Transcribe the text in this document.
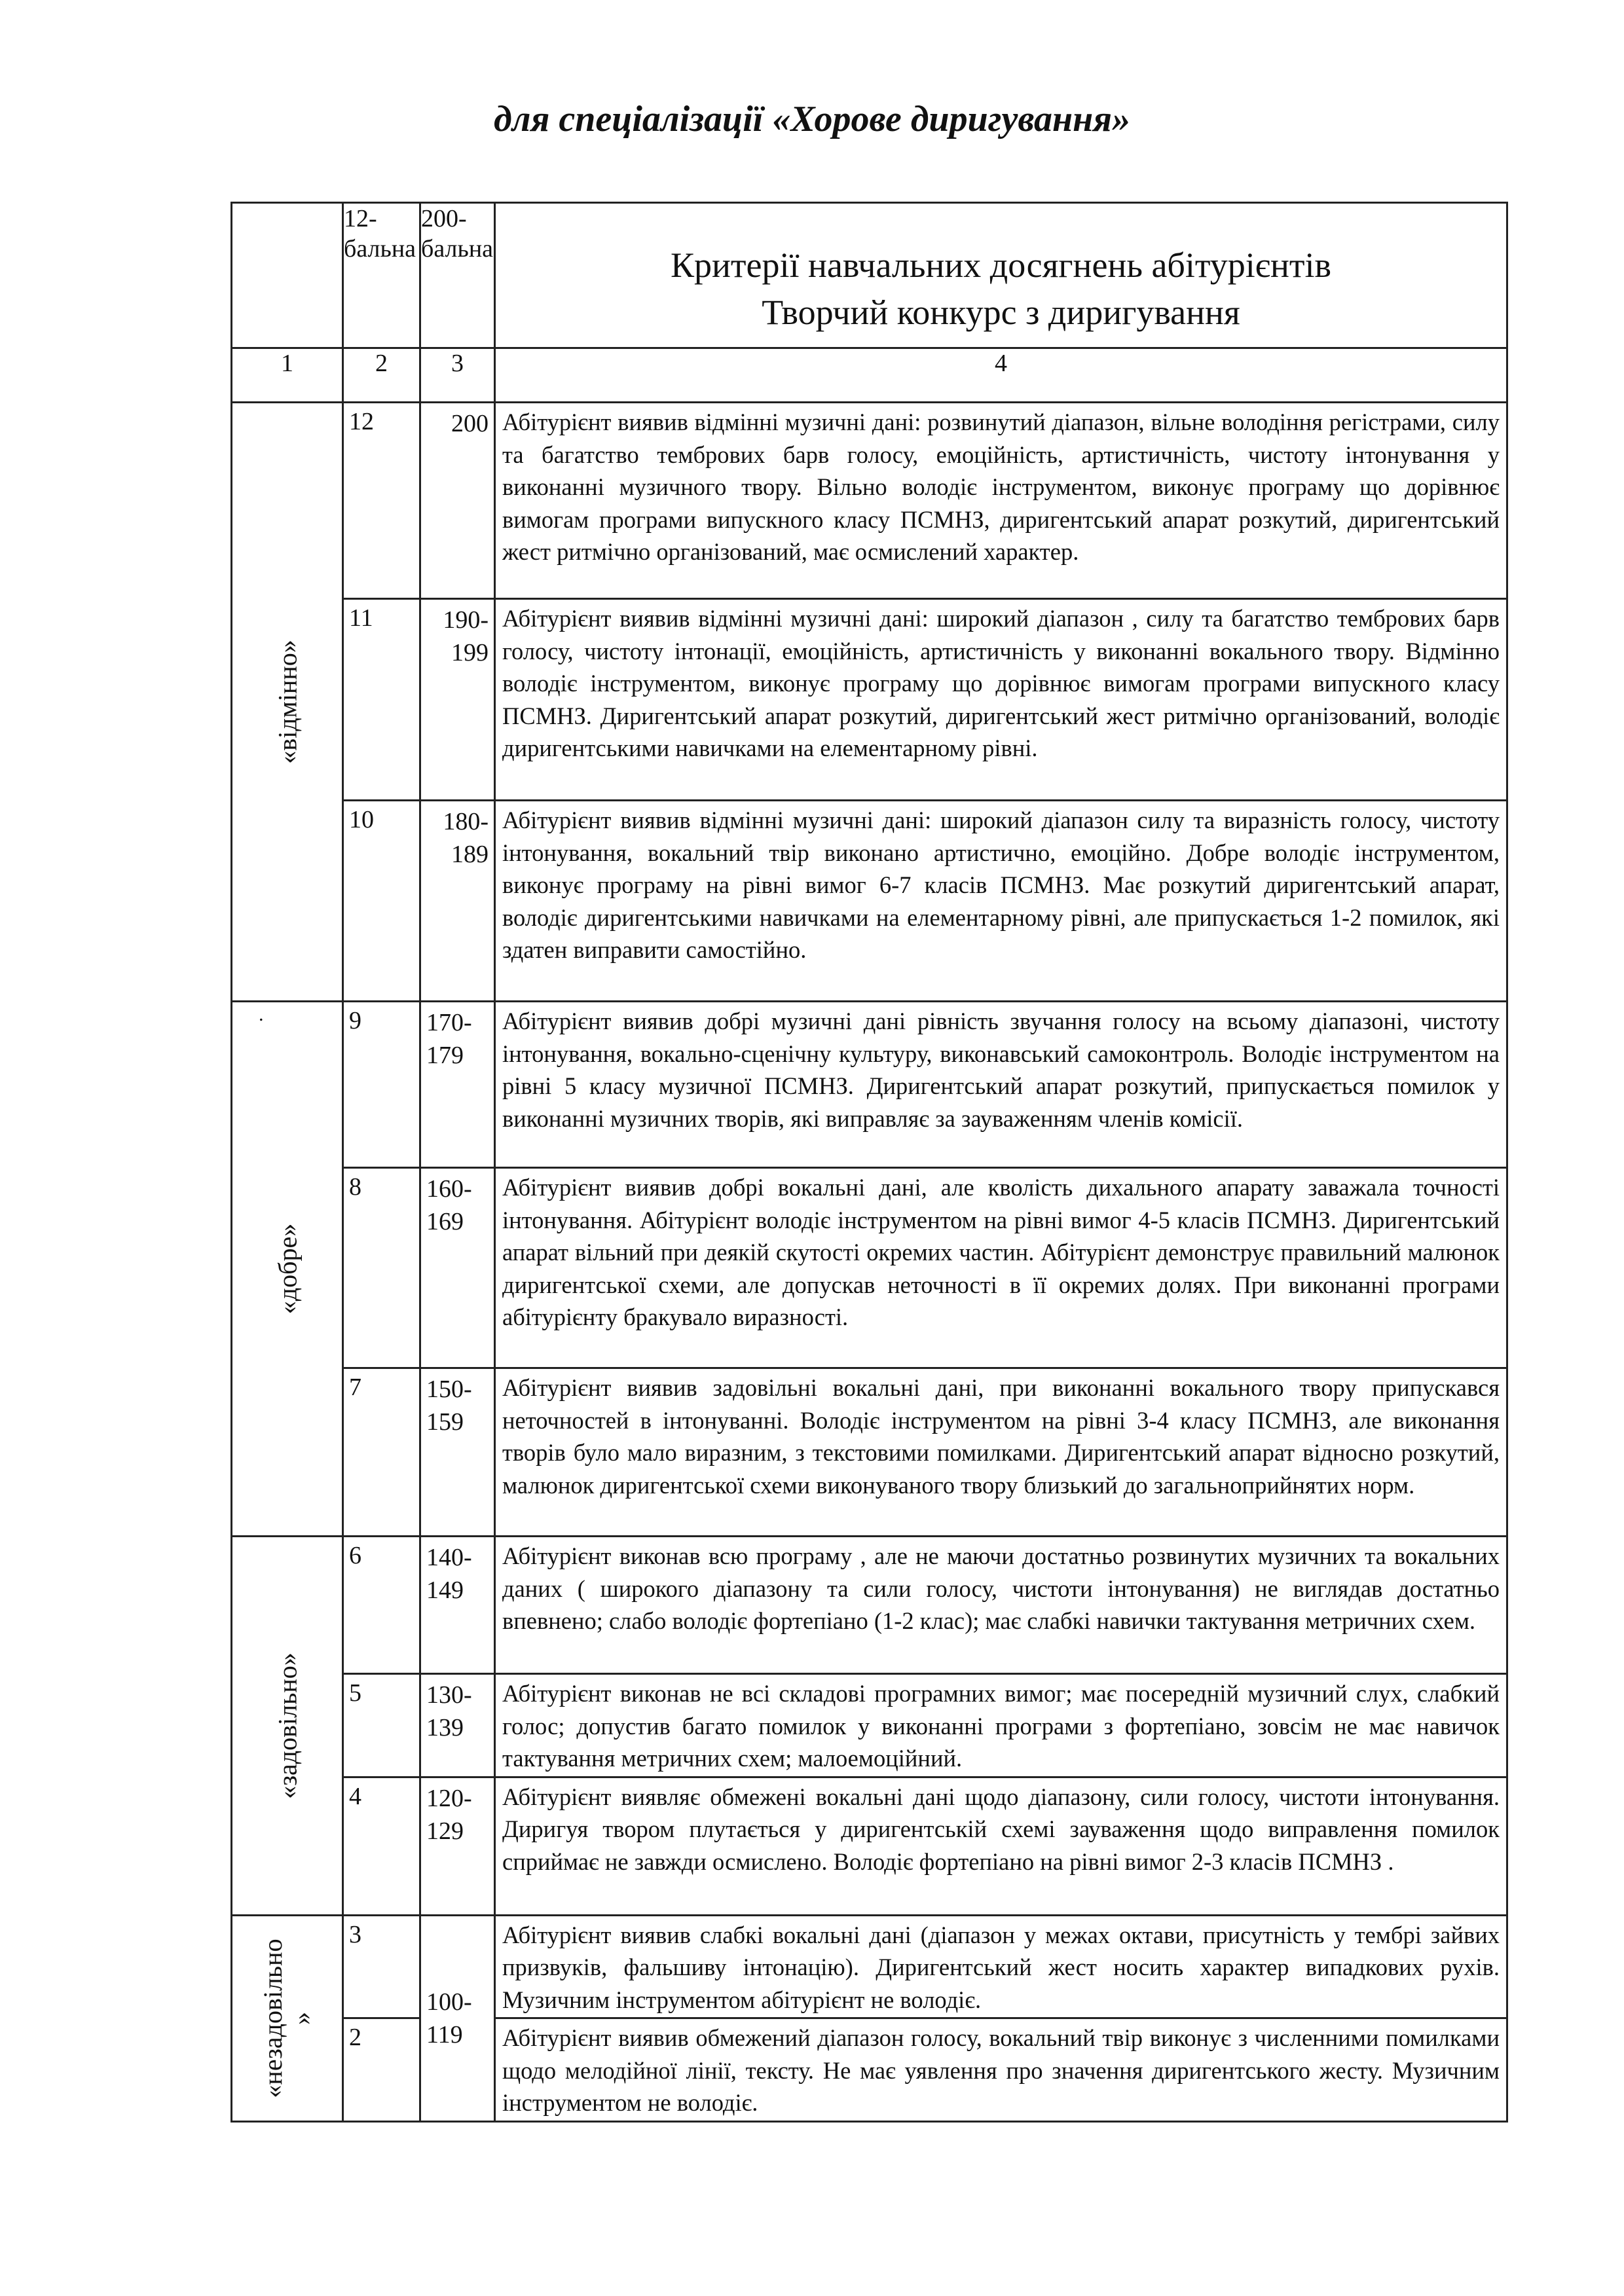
для спеціалізації «Хорове диригування»
	12-бальна	200-бальна	Критерії навчальних досягнень абітурієнтів
Творчий конкурс з диригування

1	2	3	4

«відмінно»	12	200	Абітурієнт виявив відмінні музичні дані: розвинутий діапазон, вільне володіння регістрами, силу та багатство тембрових барв голосу, емоційність, артистичність, чистоту інтонування у виконанні музичного твору. Вільно володіє інструментом, виконує програму що дорівнює вимогам програми випускного класу ПСМНЗ, диригентський апарат розкутий, диригентський жест ритмічно організований, має осмислений характер.
	11	190-199	Абітурієнт виявив відмінні музичні дані: широкий діапазон , силу та багатство тембрових барв голосу, чистоту інтонації, емоційність, артистичність у виконанні вокального твору. Відмінно володіє інструментом, виконує програму що дорівнює вимогам програми випускного класу ПСМНЗ. Диригентський апарат розкутий, диригентський жест ритмічно організований, володіє диригентськими навичками на елементарному рівні.
	10	180-189	Абітурієнт виявив відмінні музичні дані: широкий діапазон силу та виразність голосу, чистоту інтонування, вокальний твір виконано артистично, емоційно. Добре володіє інструментом, виконує програму на рівні вимог 6-7 класів ПСМНЗ. Має розкутий диригентський апарат, володіє диригентськими навичками на елементарному рівні, але припускається 1-2 помилок, які здатен виправити самостійно.

.
«добре»	9	170-179	Абітурієнт виявив добрі музичні дані рівність звучання голосу на всьому діапазоні, чистоту інтонування, вокально-сценічну культуру, виконавський самоконтроль. Володіє інструментом на рівні 5 класу музичної ПСМНЗ. Диригентський апарат розкутий, припускається помилок у виконанні музичних творів, які виправляє за зауваженням членів комісії.
	8	160-169	Абітурієнт виявив добрі вокальні дані, але кволість дихального апарату заважала точності інтонування. Абітурієнт володіє інструментом на рівні вимог 4-5 класів ПСМНЗ. Диригентський апарат вільний при деякій скутості окремих частин. Абітурієнт демонструє правильний малюнок диригентської схеми, але допускав неточності в її окремих долях. При виконанні програми абітурієнту бракувало виразності.
	7	150-159	Абітурієнт виявив задовільні вокальні дані, при виконанні вокального твору припускався неточностей в інтонуванні. Володіє інструментом на рівні 3-4 класу ПСМНЗ, але виконання творів було мало виразним, з текстовими помилками. Диригентський апарат відносно розкутий, малюнок диригентської схеми виконуваного твору близький до загальноприйнятих норм.

«задовільно»	6	140-149	Абітурієнт виконав всю програму , але не маючи достатньо розвинутих музичних та вокальних даних ( широкого діапазону та сили голосу, чистоти інтонування) не виглядав достатньо впевнено; слабо володіє фортепіано (1-2 клас); має слабкі навички тактування метричних схем.
	5	130-139	Абітурієнт виконав не всі складові програмних вимог; має посередній музичний слух, слабкий голос; допустив багато помилок у виконанні програми з фортепіано, зовсім не має навичок тактування метричних схем; малоемоційний.
	4	120-129	Абітурієнт виявляє обмежені вокальні дані щодо діапазону, сили голосу, чистоти інтонування. Диригуя твором плутається у диригентській схемі зауваження щодо виправлення помилок сприймає не завжди осмислено. Володіє фортепіано на рівні вимог 2-3 класів ПСМНЗ .

«незадовільно
»	3	100-119	Абітурієнт виявив слабкі вокальні дані (діапазон у межах октави, присутність у тембрі зайвих призвуків, фальшиву інтонацію). Диригентський жест носить характер випадкових рухів. Музичним інструментом абітурієнт не володіє.
	2		Абітурієнт виявив обмежений діапазон голосу, вокальний твір виконує з численними помилками щодо мелодійної лінії, тексту. Не має уявлення про значення диригентського жесту. Музичним інструментом не володіє.
